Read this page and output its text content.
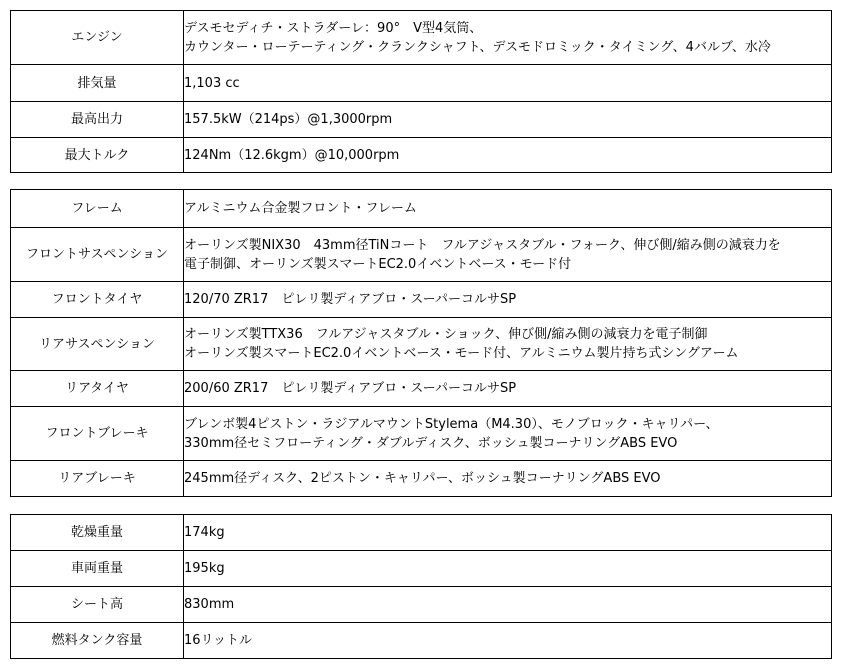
エンジン	デスモセディチ・ストラダーレ：90°　V型4気筒、
カウンター・ローテーティング・クランクシャフト、デスモドロミック・タイミング、4バルブ、水冷

排気量	1,103 cc

最高出力	157.5kW（214ps）@1,3000rpm

最大トルク	124Nm（12.6kgm）@10,000rpm
フレーム	アルミニウム合金製フロント・フレーム

フロントサスペンション	オーリンズ製NIX30　43mm径TiNコート　フルアジャスタブル・フォーク、伸び側/縮み側の減衰力を
電子制御、オーリンズ製スマートEC2.0イベントベース・モード付

フロントタイヤ	120/70 ZR17　ピレリ製ディアブロ・スーパーコルサSP

リアサスペンション	オーリンズ製TTX36　フルアジャスタブル・ショック、伸び側/縮み側の減衰力を電子制御
オーリンズ製スマートEC2.0イベントベース・モード付、アルミニウム製片持ち式シングアーム

リアタイヤ	200/60 ZR17　ピレリ製ディアブロ・スーパーコルサSP

フロントブレーキ	ブレンボ製4ピストン・ラジアルマウントStylema（M4.30）、モノブロック・キャリパー、
330mm径セミフローティング・ダブルディスク、ボッシュ製コーナリングABS EVO

リアブレーキ	245mm径ディスク、2ピストン・キャリパー、ボッシュ製コーナリングABS EVO
乾燥重量	174kg

車両重量	195kg

シート高	830mm

燃料タンク容量	16リットル
